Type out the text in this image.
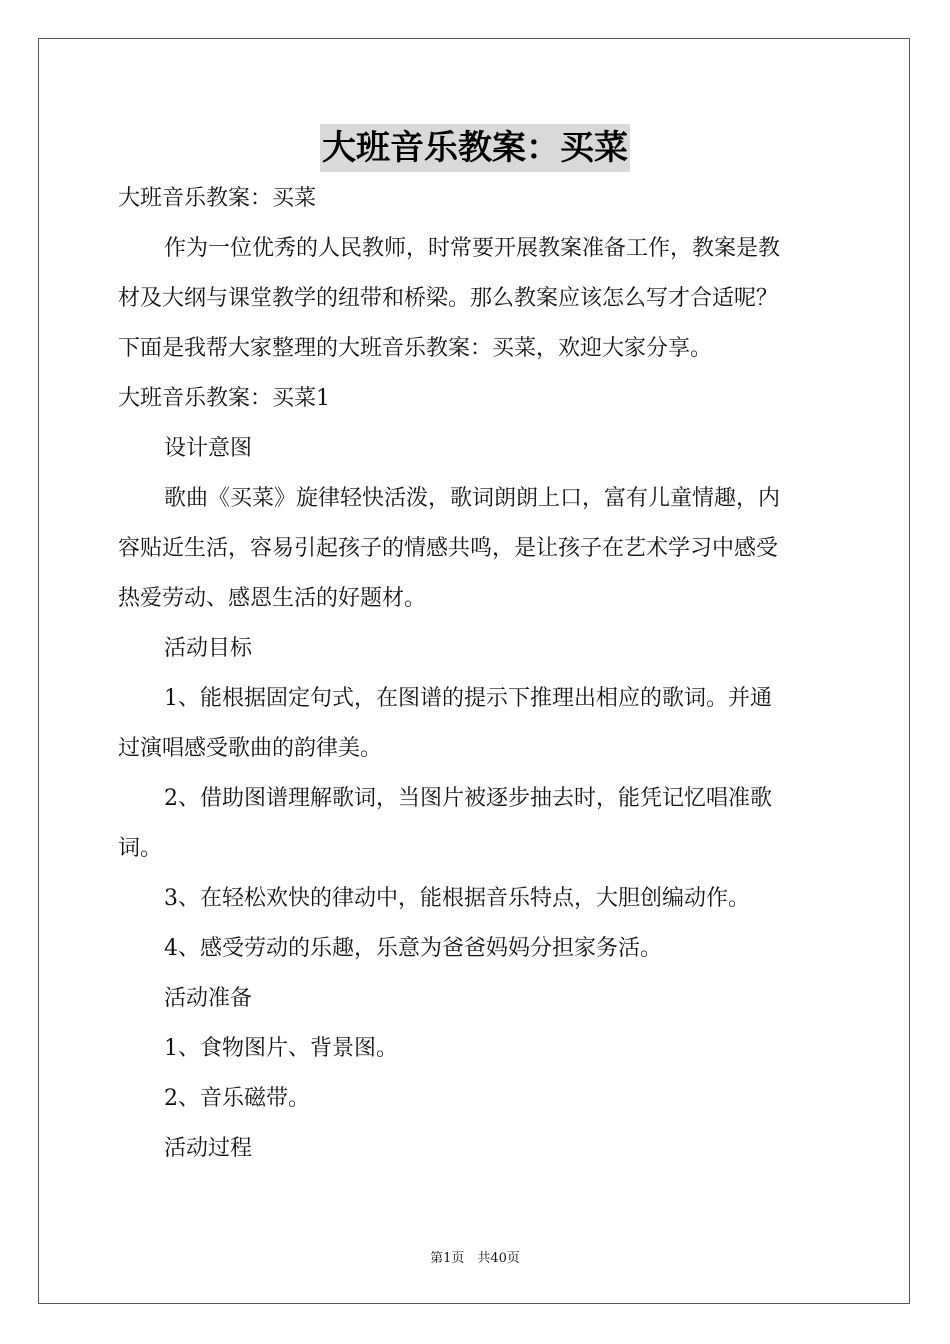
大班音乐教案：买菜
大班音乐教案：买菜
作为一位优秀的人民教师，时常要开展教案准备工作，教案是教
材及大纲与课堂教学的纽带和桥梁。那么教案应该怎么写才合适呢？
下面是我帮大家整理的大班音乐教案：买菜，欢迎大家分享。
大班音乐教案：买菜1
设计意图
歌曲《买菜》旋律轻快活泼，歌词朗朗上口，富有儿童情趣，内
容贴近生活，容易引起孩子的情感共鸣，是让孩子在艺术学习中感受
热爱劳动、感恩生活的好题材。
活动目标
1、能根据固定句式，在图谱的提示下推理出相应的歌词。并通
过演唱感受歌曲的韵律美。
2、借助图谱理解歌词，当图片被逐步抽去时，能凭记忆唱准歌
词。
3、在轻松欢快的律动中，能根据音乐特点，大胆创编动作。
4、感受劳动的乐趣，乐意为爸爸妈妈分担家务活。
活动准备
1、食物图片、背景图。
2、音乐磁带。
活动过程
第1页　共40页
